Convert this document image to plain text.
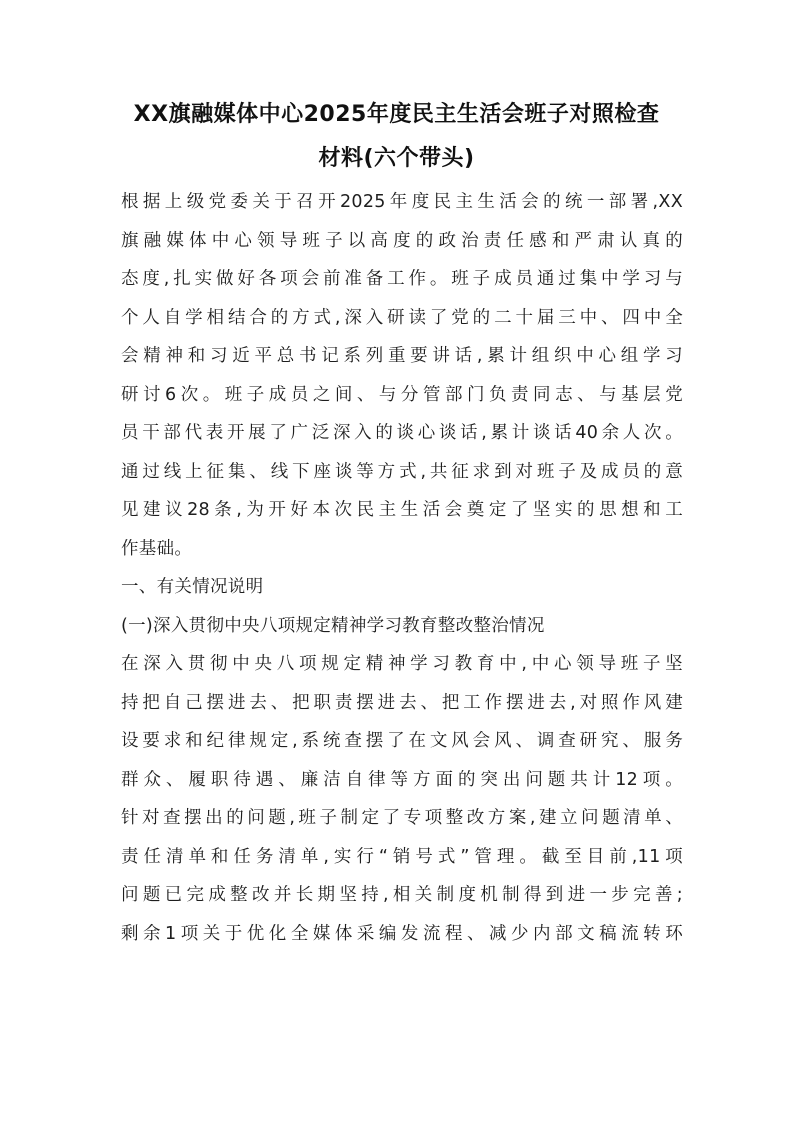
XX旗融媒体中心2025年度民主生活会班子对照检查
材料(六个带头)
根据上级党委关于召开2025年度民主生活会的统一部署,XX
旗融媒体中心领导班子以高度的政治责任感和严肃认真的
态度,扎实做好各项会前准备工作。班子成员通过集中学习与
个人自学相结合的方式,深入研读了党的二十届三中、四中全
会精神和习近平总书记系列重要讲话,累计组织中心组学习
研讨6次。班子成员之间、与分管部门负责同志、与基层党
员干部代表开展了广泛深入的谈心谈话,累计谈话40余人次。
通过线上征集、线下座谈等方式,共征求到对班子及成员的意
见建议28条,为开好本次民主生活会奠定了坚实的思想和工
作基础。
一、有关情况说明
(一)深入贯彻中央八项规定精神学习教育整改整治情况
在深入贯彻中央八项规定精神学习教育中,中心领导班子坚
持把自己摆进去、把职责摆进去、把工作摆进去,对照作风建
设要求和纪律规定,系统查摆了在文风会风、调查研究、服务
群众、履职待遇、廉洁自律等方面的突出问题共计12项。
针对查摆出的问题,班子制定了专项整改方案,建立问题清单、
责任清单和任务清单,实行“销号式”管理。截至目前,11项
问题已完成整改并长期坚持,相关制度机制得到进一步完善;
剩余1项关于优化全媒体采编发流程、减少内部文稿流转环
